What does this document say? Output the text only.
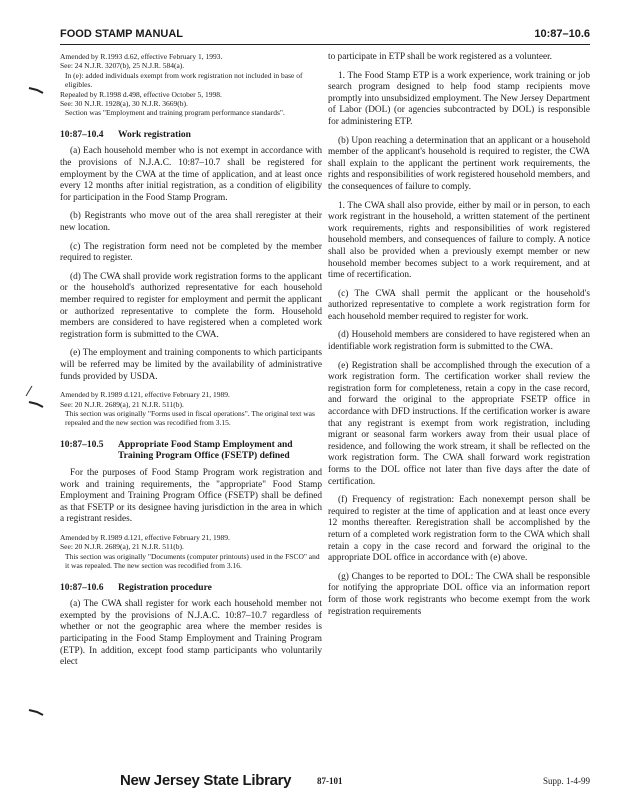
FOOD STAMP MANUAL	10:87–10.6

Amended by R.1993 d.62, effective February 1, 1993.

See: 24 N.J.R. 3207(b), 25 N.J.R. 584(a).

In (e): added individuals exempt from work registration not included in base of eligibles.

Repealed by R.1998 d.498, effective October 5, 1998.

See: 30 N.J.R. 1928(a), 30 N.J.R. 3669(b).

Section was "Employment and training program performance standards".

10:87–10.4 Work registration

(a) Each household member who is not exempt in accordance with the provisions of N.J.A.C. 10:87–10.7 shall be registered for employment by the CWA at the time of application, and at least once every 12 months after initial registration, as a condition of eligibility for participation in the Food Stamp Program.

(b) Registrants who move out of the area shall reregister at their new location.

(c) The registration form need not be completed by the member required to register.

(d) The CWA shall provide work registration forms to the applicant or the household's authorized representative for each household member required to register for employment and permit the applicant or authorized representative to complete the form. Household members are considered to have registered when a completed work registration form is submitted to the CWA.

(e) The employment and training components to which participants will be referred may be limited by the availability of administrative funds provided by USDA.

Amended by R.1989 d.121, effective February 21, 1989.

See: 20 N.J.R. 2689(a), 21 N.J.R. 511(b).

This section was originally "Forms used in fiscal operations". The original text was repealed and the new section was recodified from 3.15.

10:87–10.5	Appropriate Food Stamp Employment and Training Program Office (FSETP) defined

For the purposes of Food Stamp Program work registration and work and training requirements, the "appropriate" Food Stamp Employment and Training Program Office (FSETP) shall be defined as that FSETP or its designee having jurisdiction in the area in which a registrant resides.

Amended by R.1989 d.121, effective February 21, 1989.

See: 20 N.J.R. 2689(a), 21 N.J.R. 511(b).

This section was originally "Documents (computer printouts) used in the FSCO" and it was repealed. The new section was recodified from 3.16.

10:87–10.6 Registration procedure

(a) The CWA shall register for work each household member not exempted by the provisions of N.J.A.C. 10:87–10.7 regardless of whether or not the geographic area where the member resides is participating in the Food Stamp Employment and Training Program (ETP). In addition, except food stamp participants who voluntarily elect

to participate in ETP shall be work registered as a volunteer.

1. The Food Stamp ETP is a work experience, work training or job search program designed to help food stamp recipients move promptly into unsubsidized employment. The New Jersey Department of Labor (DOL) (or agencies subcontracted by DOL) is responsible for administering ETP.

(b) Upon reaching a determination that an applicant or a household member of the applicant's household is required to register, the CWA shall explain to the applicant the pertinent work requirements, the rights and responsibilities of work registered household members, and the consequences of failure to comply.

1. The CWA shall also provide, either by mail or in person, to each work registrant in the household, a written statement of the pertinent work requirements, rights and responsibilities of work registered household members, and consequences of failure to comply. A notice shall also be provided when a previously exempt member or new household member becomes subject to a work requirement, and at time of recertification.

(c) The CWA shall permit the applicant or the household's authorized representative to complete a work registration form for each household member required to register for work.

(d) Household members are considered to have registered when an identifiable work registration form is submitted to the CWA.

(e) Registration shall be accomplished through the execution of a work registration form. The certification worker shall review the registration form for completeness, retain a copy in the case record, and forward the original to the appropriate FSETP office in accordance with DFD instructions. If the certification worker is aware that any registrant is exempt from work registration, including migrant or seasonal farm workers away from their usual place of residence, and following the work stream, it shall be reflected on the work registration form. The CWA shall forward work registration forms to the DOL office not later than five days after the date of certification.

(f) Frequency of registration: Each nonexempt person shall be required to register at the time of application and at least once every 12 months thereafter. Reregistration shall be accomplished by the return of a completed work registration form to the CWA which shall retain a copy in the case record and forward the original to the appropriate DOL office in accordance with (e) above.

(g) Changes to be reported to DOL: The CWA shall be responsible for notifying the appropriate DOL office via an information report form of those work registrants who become exempt from the work registration requirements

New Jersey State Library	87-101	Supp. 1-4-99
